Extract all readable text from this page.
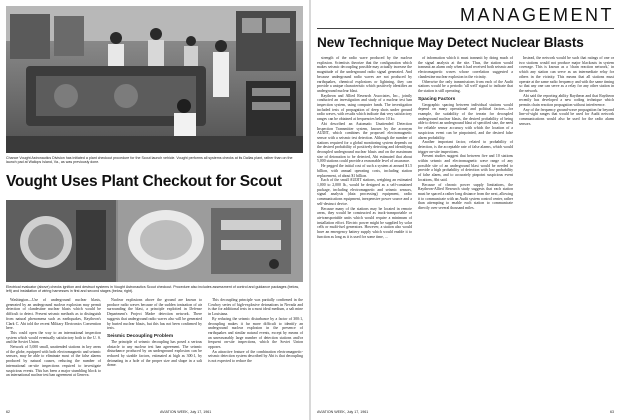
Chance Vought Astronautics Division has initiated a plant checkout procedure for the Scout launch vehicle. Vought performs all systems checks at its Dallas plant, rather than on the launch pad at Wallops Island, Va., as was previously done.
Vought Uses Plant Checkout for Scout
Electrical evaluator (above) checks ignition and destruct systems in Vought Astronautics Scout checkout. Procedure also includes assessment of control and guidance packages (below, left) and installation of wiring harnesses in first and second stages (below, right).

Washington—Use of underground nuclear blasts, generated by an underground nuclear explosion may permit detection of clandestine nuclear blasts which would be difficult to detect. Present seismic methods as to distinguish from natural phenomena such as earthquakes, Raytheon's Clark C. Abt told the recent Military Electronics Convention here.

This could open the way to an international inspection system which would eventually satisfactory both to the U. S. and the Soviet Union.

Network of 5,000 small, unattended stations in key areas of the globe, equipped with both electromagnetic and seismic sensors, may be able to eliminate most of the false alarms produced by natural causes, reducing the number of international on-site inspections required to investigate suspicious events. This has been a major stumbling block to an international nuclear test ban agreement at Geneva.

Nuclear explosions above the ground are known to produce radio waves because of the sudden ionization of air surrounding the blast, a principle exploited in Defense Department's Project Madre detection network. There suggests that underground radio waves also will be generated by buried nuclear blasts, but this has not been confirmed by tests.

Seismic Decoupling Problem

The principle of seismic decoupling has posed a serious obstacle to any nuclear test ban agreement. The seismic disturbance produced by an underground explosion can be reduced by sizable factors, estimated at high as 300:1, by detonating in a hole of the proper size and shape in a salt dome.

This decoupling principle was partially confirmed in the Cowboy series of high-explosive detonations in Nevada and is due for additional tests in a most ideal medium, a salt mine in Louisiana.

By reducing the seismic disturbance by a factor of 300:1, decoupling makes it far more difficult to identify an underground nuclear explosion in the presence of earthquakes and similar natural events, except by means of an unreasonably large number of detection stations and/or frequent on-site inspections, which the Soviet Union opposes.

An attractive feature of the combination electromagnetic-seismic detection system described by Abt is that decoupling is not expected to reduce the

62	AVIATION WEEK, July 17, 1961
MANAGEMENT
New Technique May Detect Nuclear Blasts

strength of the radio wave produced by the nuclear explosion. Scientists theorize that the configuration which makes seismic decoupling possible may actually increase the magnitude of the underground radio signal generated. And because underground radio waves are not produced by earthquakes, chemical explosions or lightning, they can provide a unique characteristic which positively identifies an underground nuclear blast.

Raytheon and Allied Research Associates, Inc., jointly conducted an investigation and study of a nuclear test ban inspection system, using computer funds. The investigation included tests of propagation of deep shots under ground radio waves, with results which indicate that very satisfactory ranges can be obtained at frequencies below 10 kc.

Abt described an Automatic Unattended Detection Inspection Transmitter system, known by the acronym AUDIT, which combines the proposed electromagnetic sensor with a seismic test detection. Although the number of stations required for a global monitoring system depends on the desired probability of positively detecting and identifying decoupled underground nuclear blasts and on the maximum size of detonation to be detected, Abt estimated that about 5,000 stations could provide a reasonable level of assurance.

He pegged the initial cost of such a system at around $1.5 billion, with annual operating costs, including station replacement, of about $1 billion.

Each of the small AUDIT stations, weighing an estimated 1,000 to 2,000 lb., would be designed as a self-contained package, including electromagnetic and seismic sensors, signal analysis (data processing) equipment, radio communications equipment, inexpensive power source and a self-destruct device.

Because many of the stations may be located in remote areas, they would be constructed as truck-transportable or air-transportable units which would require a minimum of installation effort. Electric power might be supplied by solar cells or multi-fuel generators. However, a station also would have an emergency battery supply which would enable it to function as long as it is used for some time, ...

of information which it must transmit by doing much of the signal analysis at the site. Thus, the station would transmit an alarm only when it had received both seismic and electromagnetic waves whose correlation suggested a clandestine nuclear explosion in the vicinity.

Otherwise the only transmissions from each of the Audit stations would be a periodic 'all well' signal to indicate that the station is still operating.

Spacing Factors

Geographic spacing between individual stations would depend on many operational and political factors—for example, the suitability of the terrain for decoupled underground nuclear blasts, the desired probability of being able to detect an underground blast of specified size, the need for reliable sensor accuracy with which the location of a suspicious event can be pinpointed, and the desired false alarm probability.

Another important factor, related to probability of detection, is the acceptable rate of false alarms, which would trigger on-site inspections.

Present studies suggest that between five and 10 stations within seismic and electromagnetic wave range of any possible site of an underground blast would be needed to provide a high probability of detection with low probability of false alarm, and to accurately pinpoint suspicious event locations, Abt said.

Because of chronic power supply limitations, the Raytheon-Allied Research study suggests that each station must be spaced a rather long distance from the next, allowing it to communicate with an Audit system control center, rather than attempting to enable each station to communicate directly over several thousand miles.

Instead, the network would be such that ratings of one or two stations would not produce major blackouts in system coverage. This is known as a 'chain reaction network,' in which any station can serve as an intermediate relay for others in the vicinity. This means that all stations must operate at the same radio frequency and with the same timing so that any one can serve as a relay for any other station in the network.

Abt said the reporting ability Raytheon and that Raytheon recently has developed a new coding technique which permits chain reaction propagation without interference.

Any of the frequency ground-wave propagation far beyond line-of-sight ranges that would be used for Audit network communications would also be used for the radio alarm sensors.

AVIATION WEEK, July 17, 1961	63
